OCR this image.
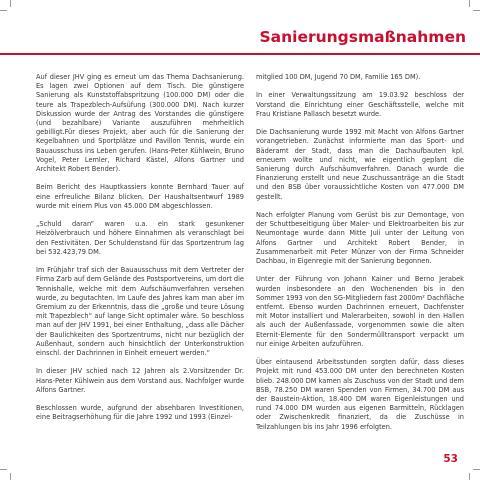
Sanierungsmaßnahmen

Auf dieser JHV ging es erneut um das Thema Dachsanierung. Es lagen zwei Optionen auf dem Tisch. Die günstigere Sanierung als Kunststoffabspritzung (100.000 DM) oder die teure als Trapezblech-Aufsüfung (300.000 DM). Nach kurzer Diskussion wurde der Antrag des Vorstandes die günstigere (und bezahlbare) Variante auszuführen mehrheitlich gebilligt.Für dieses Projekt, aber auch für die Sanierung der Kegelbahnen und Sportplätze und Pavillon Tennis, wurde ein Bauausschuss ins Leben gerufen. (Hans-Peter Kühlwein, Bruno Vogel, Peter Lemler, Richard Kästel, Alfons Gartner und Architekt Robert Bender).

Beim Bericht des Hauptkassiers konnte Bernhard Tauer auf eine erfreuliche Bilanz blicken. Der Haushaltsentwurf 1989 wurde mit einem Plus von 45.000 DM abgeschlossen.

„Schuld daran“ waren u.a. ein stark gesunkener Heizölverbrauch und höhere Einnahmen als veranschlagt bei den Festivitäten. Der Schuldenstand für das Sportzentrum lag bei 532.423,79 DM.

Im Frühjahr traf sich der Bauausschuss mit dem Vertreter der Firma Zarb auf dem Gelände des Postsportvereins, um dort die Tennishalle, welche mit dem Aufschäumverfahren versehen wurde, zu begutachten. Im Laufe des Jahres kam man aber im Gremium zu der Erkenntnis, dass die „große und teure Lösung mit Trapezblech“ auf lange Sicht optimaler wäre. So beschloss man auf der JHV 1991, bei einer Enthaltung, „dass alle Dächer der Baulichkeiten des Sportzentrums, nicht nur bezüglich der Außenhaut, sondern auch hinsichtlich der Unterkonstruktion einschl. der Dachrinnen in Einheit erneuert werden.“

In dieser JHV schied nach 12 Jahren als 2.Vorsitzender Dr. Hans-Peter Kühlwein aus dem Vorstand aus. Nachfolger wurde Alfons Gartner.

Beschlossen wurde, aufgrund der absehbaren Investitionen, eine Beitragserhöhung für die Jahre 1992 und 1993 (Einzel-

mitglied 100 DM, Jugend 70 DM, Familie 165 DM).

In einer Verwaltungssitzung am 19.03.92 beschloss der Vorstand die Einrichtung einer Geschäftsstelle, welche mit Frau Kristiane Pallasch besetzt wurde.

Die Dachsanierung wurde 1992 mit Macht von Alfons Gartner vorangetrieben. Zunächst informierte man das Sport- und Bäderamt der Stadt, dass man die Dachaufbauten kpl. erneuern wollte und nicht, wie eigentlich geplant die Sanierung durch Aufschäumverfahren. Danach wurde die Finanzierung erstellt und neue Zuschussanträge an die Stadt und den BSB über voraussichtliche Kosten von 477.000 DM gestellt.

Nach erfolgter Planung vom Gerüst bis zur Demontage, von der Schuttbeseitigung über Maler- und Elektroarbeiten bis zur Neumontage wurde dann Mitte Juli unter der Leitung von Alfons Gartner und Architekt Robert Bender, in Zusammenarbeit mit Peter Münzer von der Firma Schneider Dachbau, in Eigenregie mit der Sanierung begonnen.

Unter der Führung von Johann Kainer und Berno Jerabek wurden insbesondere an den Wochenenden bis in den Sommer 1993 von den SG-Mitgliedern fast 2000m² Dachfläche entfernt. Ebenso wurden Dachrinnen erneuert, Dachfenster mit Motor installiert und Malerarbeiten, sowohl in den Hallen als auch der Außenfassade, vorgenommen sowie die alten Eternit-Elemente für den Sondermülltransport verpackt um nur einige Arbeiten aufzuführen.

Über eintausend Arbeitsstunden sorgten dafür, dass dieses Projekt mit rund 453.000 DM unter den berechneten Kosten blieb. 248.000 DM kamen als Zuschuss von der Stadt und dem BSB, 78.250 DM waren Spenden von Firmen, 34.700 DM aus der Baustein-Aktion, 18.400 DM waren Eigenleistungen und rund 74.000 DM wurden aus eigenen Barmitteln, Rücklagen oder Zwischenkredit finanziert, da die Zuschüsse in Teilzahlungen bis ins Jahr 1996 erfolgten.

53
